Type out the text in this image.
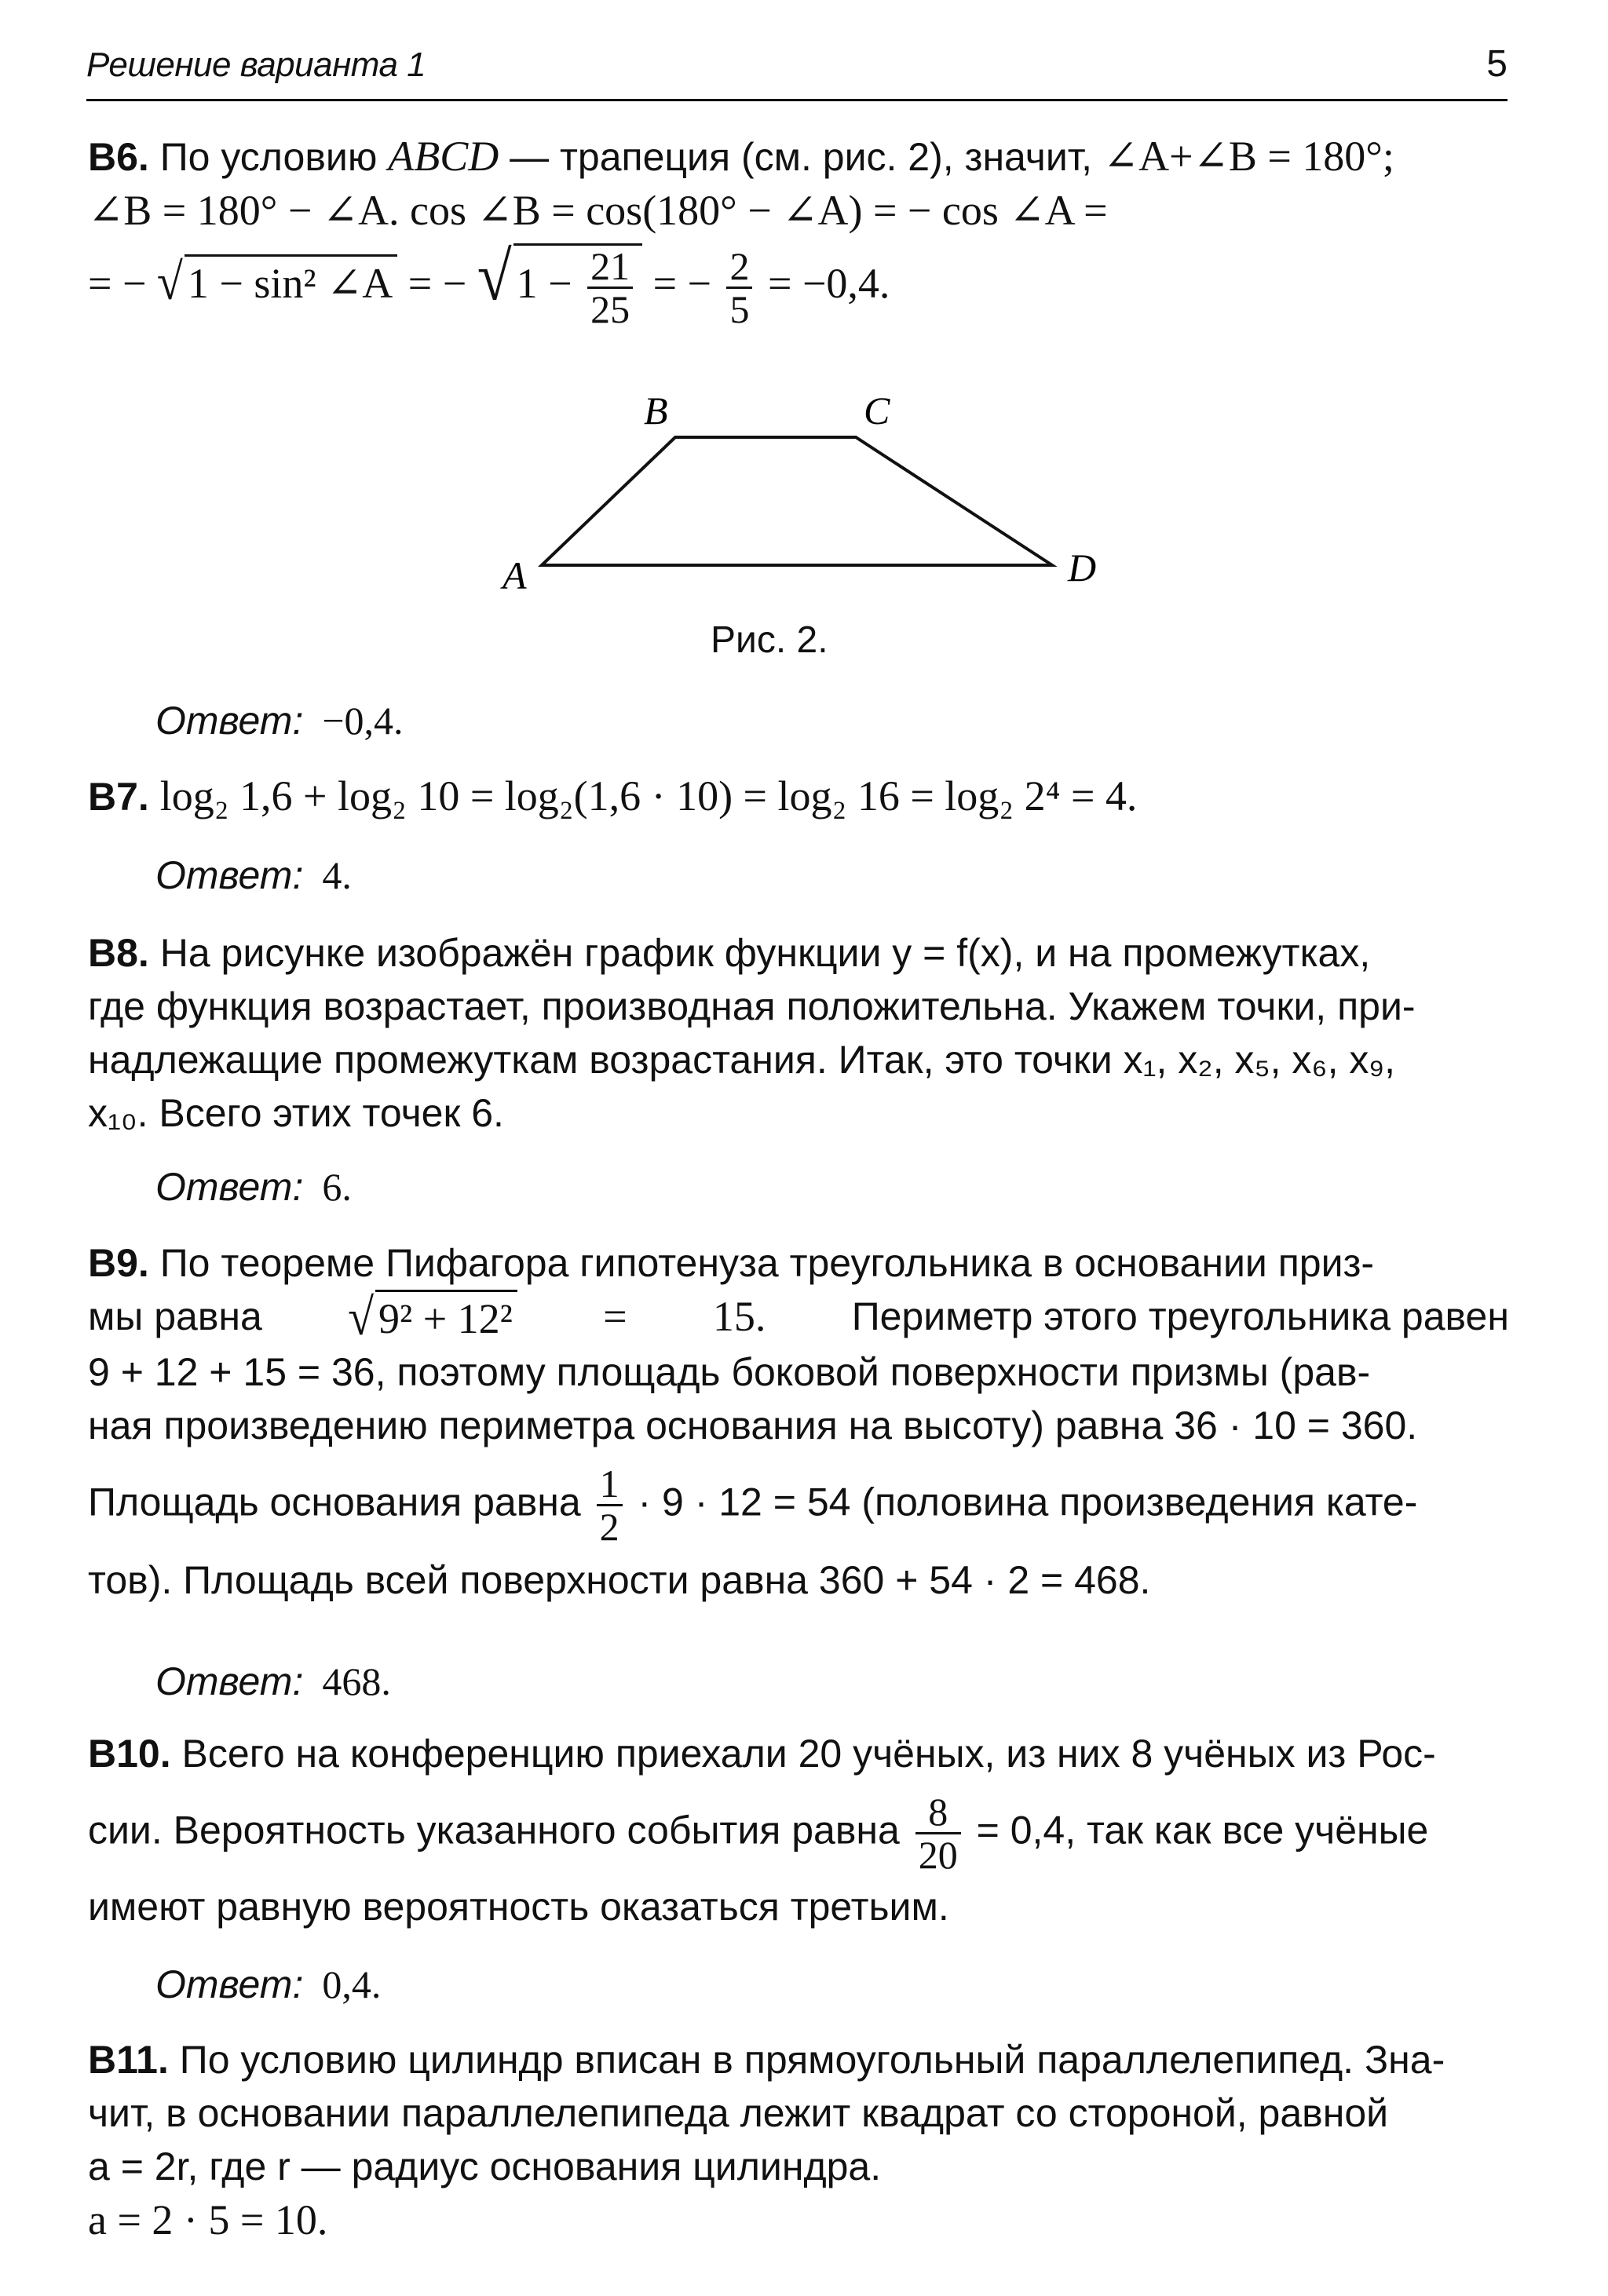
Решение варианта 1	5
B6. По условию ABCD — трапеция (см. рис. 2), значит, ∠A+∠B = 180°;
∠B = 180° − ∠A. cos ∠B = cos(180° − ∠A) = − cos ∠A =
= − √ 1 − sin² ∠A = − √ $1 - \frac{21}{25}$ = − $\frac{2}{5} = -0,4$.
B	C
A	D
Рис. 2.
Ответ: −0,4.
B7. log₂ 1,6 + log₂ 10 = log₂(1,6 · 10) = log₂ 16 = log₂ 2⁴ = 4.
Ответ: 4.
B8. На рисунке изображён график функции y = f(x), и на промежутках,
где функция возрастает, производная положительна. Укажем точки, при-
надлежащие промежуткам возрастания. Итак, это точки x₁, x₂, x₅, x₆, x₉,
x₁₀. Всего этих точек 6.
Ответ: 6.
B9. По теореме Пифагора гипотенуза треугольника в основании приз-
мы равна √ 9² + 12² = 15. Периметр этого треугольника равен
9 + 12 + 15 = 36, поэтому площадь боковой поверхности призмы (рав-
ная произведению периметра основания на высоту) равна 36 · 10 = 360.
Площадь основания равна $\frac{1}{2} \cdot 9 \cdot 12 = 54$ (половина произведения кате-
тов). Площадь всей поверхности равна 360 + 54 · 2 = 468.
Ответ: 468.
B10. Всего на конференцию приехали 20 учёных, из них 8 учёных из Рос-
сии. Вероятность указанного события равна $\frac{8}{20} = 0,4$, так как все учёные
имеют равную вероятность оказаться третьим.
Ответ: 0,4.
B11. По условию цилиндр вписан в прямоугольный параллелепипед. Зна-
чит, в основании параллелепипеда лежит квадрат со стороной, равной
a = 2r, где r — радиус основания цилиндра.
a = 2 · 5 = 10.
